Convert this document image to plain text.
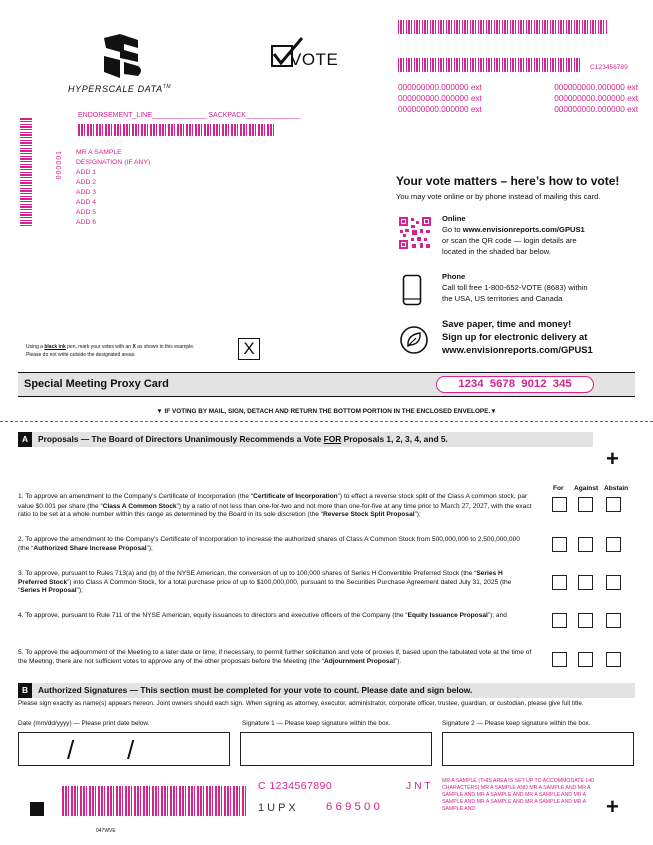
HYPERSCALE DATA™
VOTE	C123456789
000000000.000000 ext	000000000.000000 ext
000000000.000000 ext	000000000.000000 ext
000000000.000000 ext	000000000.000000 ext
ENDORSEMENT_LINE______________ SACKPACK______________
000001 MR A SAMPLE
DESIGNATION (IF ANY)
ADD 1
ADD 2
ADD 3
ADD 4
ADD 5
ADD 6
Using a black ink pen, mark your votes with an X as shown in this example.
Please do not write outside the designated areas.	X
Your vote matters – here’s how to vote!
You may vote online or by phone instead of mailing this card.
Online
Go to www.envisionreports.com/GPUS1
or scan the QR code — login details are
located in the shaded bar below.
Phone
Call toll free 1-800-652-VOTE (8683) within
the USA, US territories and Canada
Save paper, time and money!
Sign up for electronic delivery at
www.envisionreports.com/GPUS1
Special Meeting Proxy Card	1234 5678 9012 345
▼ IF VOTING BY MAIL, SIGN, DETACH AND RETURN THE BOTTOM PORTION IN THE ENCLOSED ENVELOPE.▼
A Proposals — The Board of Directors Unanimously Recommends a Vote FOR Proposals 1, 2, 3, 4, and 5.
+
For Against Abstain
1. To approve an amendment to the Company’s Certificate of Incorporation (the “Certificate of Incorporation”) to effect a reverse stock split of the Class A common stock, par value $0.001 per share (the “Class A Common Stock”) by a ratio of not less than one-for-two and not more than one-for-five at any time prior to March 27, 2027, with the exact ratio to be set at a whole number within this range as determined by the Board in its sole discretion (the “Reverse Stock Split Proposal”);
2. To approve the amendment to the Company’s Certificate of Incorporation to increase the authorized shares of Class A Common Stock from 500,000,000 to 2,500,000,000 (the “Authorized Share Increase Proposal”);
3. To approve, pursuant to Rules 713(a) and (b) of the NYSE American, the conversion of up to 100,000 shares of Series H Convertible Preferred Stock (the “Series H Preferred Stock”) into Class A Common Stock, for a total purchase price of up to $100,000,000, pursuant to the Securities Purchase Agreement dated July 31, 2025 (the “Series H Proposal”);
4. To approve, pursuant to Rule 711 of the NYSE American, equity issuances to directors and executive officers of the Company (the “Equity Issuance Proposal”); and
5. To approve the adjournment of the Meeting to a later date or time, if necessary, to permit further solicitation and vote of proxies if, based upon the tabulated vote at the time of the Meeting, there are not sufficient votes to approve any of the other proposals before the Meeting (the “Adjournment Proposal”).
B Authorized Signatures — This section must be completed for your vote to count. Please date and sign below.
Please sign exactly as name(s) appears hereon. Joint owners should each sign. When signing as attorney, executor, administrator, corporate officer, trustee, guardian, or custodian, please give full title.
Date (mm/dd/yyyy) — Please print date below.	Signature 1 — Please keep signature within the box.	Signature 2 — Please keep signature within the box.
/ /
C 1234567890	J N T
1 U P X	6 6 9 5 0 0
MR A SAMPLE (THIS AREA IS SET UP TO ACCOMMODATE 140 CHARACTERS) MR A SAMPLE AND MR A SAMPLE AND MR A SAMPLE AND MR A SAMPLE AND MR A SAMPLE AND MR A SAMPLE AND MR A SAMPLE AND MR A SAMPLE AND MR A SAMPLE AND	+
047WVE
